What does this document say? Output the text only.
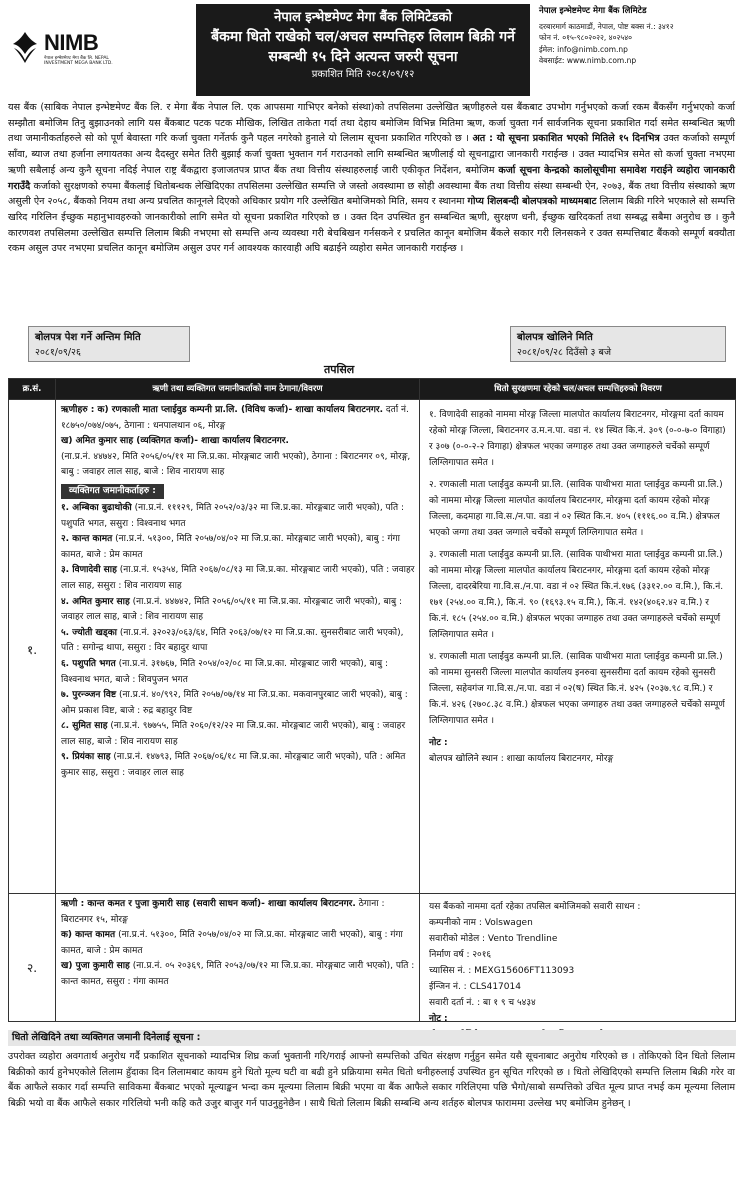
NIMB
नेपाल इन्भेष्टमेण्ट मेगा बैंक लि. NEPAL INVESTMENT MEGA BANK LTD.
नेपाल इन्भेष्टमेण्ट मेगा बैंक लिमिटेडको
बैंकमा धितो राखेको चल/अचल सम्पत्तिहरु लिलाम बिक्री गर्ने
सम्बन्धी १५ दिने अत्यन्त जरुरी सूचना
प्रकाशित मिति २०८१/०९/१२
नेपाल इन्भेष्टमेण्ट मेगा बैंक लिमिटेड
दरबारमार्ग काठमाडौं, नेपाल, पोष्ट बक्स नं.: ३४१२
फोन नं. ०१५-९८०२०२२, ४०२५४०
ईमेल: info@nimb.com.np
वेबसाईट: www.nimb.com.np
यस बैंक (साबिक नेपाल इन्भेष्टमेण्ट बैंक लि. र मेगा बैंक नेपाल लि. एक आपसमा गाभिएर बनेको संस्था)को तपसिलमा उल्लेखित ऋणीहरुले यस बैंकबाट उपभोग गर्नुभएको कर्जा रकम बैंकसँग गर्नुभएको कर्जा सम्झौता बमोजिम तिनु बुझाउनको लागि यस बैंकबाट पटक पटक मौखिक, लिखित ताकेता गर्दा तथा देहाय बमोजिम विभिन्न मितिमा ऋण, कर्जा चुक्ता गर्न सार्वजनिक सूचना प्रकाशित गर्दा समेत सम्बन्धित ऋणी तथा जमानीकर्ताहरुले सो को पूर्ण बेवास्ता गरि कर्जा चुक्ता गर्नेतर्फ कुनै पहल नगरेको हुनाले यो लिलाम सूचना प्रकाशित गरिएको छ । अत : यो सूचना प्रकाशित भएको मितिले १५ दिनभित्र उक्त कर्जाको सम्पूर्ण साँवा, ब्याज तथा हर्जाना लगायतका अन्य दैदस्तुर समेत तिरी बुझाई कर्जा चुक्ता भुक्तान गर्न गराउनको लागि सम्बन्धित ऋणीलाई यो सूचनाद्वारा जानकारी गराईन्छ । उक्त म्यादभित्र समेत सो कर्जा चुक्ता नभएमा ऋणी सबैलाई अन्य कुनै सूचना नदिई नेपाल राष्ट्र बैंकद्वारा इजाजतपत्र प्राप्त बैंक तथा वित्तीय संस्थाहरुलाई जारी एकीकृत निर्देशन, बमोजिम कर्जा सूचना केन्द्रको कालोसूचीमा समावेश गराईने व्यहोरा जानकारी गराउँदै कर्जाको सुरक्षणको रुपमा बैंकलाई धितोबन्धक लेखिदिएका तपसिलमा उल्लेखित सम्पत्ति जे जस्तो अवस्थामा छ सोही अवस्थामा बैंक तथा वित्तीय संस्था सम्बन्धी ऐन, २०७३, बैंक तथा वित्तीय संस्थाको ऋण असुली ऐन २०५८, बैंकको नियम तथा अन्य प्रचलित कानूनले दिएको अधिकार प्रयोग गरि उल्लेखित बमोजिमको मिति, समय र स्थानमा गोप्य शिलबन्दी बोलपत्रको माध्यमबाट लिलाम बिक्री गरिने भएकाले सो सम्पत्ति खरिद गरिलिन ईच्छुक महानुभावहरुको जानकारीको लागि समेत यो सूचना प्रकाशित गरिएको छ । उक्त दिन उपस्थित हुन सम्बन्धित ऋणी, सुरक्षण धनी, ईच्छुक खरिदकर्ता तथा सम्बद्ध सबैमा अनुरोध छ । कुनै कारणवश तपसिलमा उल्लेखित सम्पत्ति लिलाम बिक्री नभएमा सो सम्पत्ति अन्य व्यवस्था गरी बेचबिखन गर्नसकने र प्रचलित कानून बमोजिम बैंकले सकार गरी लिनसकने र उक्त सम्पत्तिबाट बैंकको सम्पूर्ण बक्यौता रकम असुल उपर नभएमा प्रचलित कानून बमोजिम असुल उपर गर्न आवश्यक कारवाही अघि बढाईने व्यहोरा समेत जानकारी गराईन्छ ।
बोलपत्र पेश गर्ने अन्तिम मिति
२०८१/०९/२६
बोलपत्र खोलिने मिति
२०८१/०९/२८ दिउँसो ३ बजे
तपसिल
क्र.सं.	ऋणी तथा व्यक्तिगत जमानीकर्ताको नाम ठेगाना/विवरण	धितो सुरक्षणमा रहेको चल/अचल सम्पत्तिहरुको विवरण
१.
ऋणीहरु : क) रणकाली माता प्लाईवुड कम्पनी प्रा.लि. (विविध कर्जा)- शाखा कार्यालय बिराटनगर. दर्ता नं. १८७५०/०७४/०७५, ठेगाना : धनपालथान ०६, मोरङ्ग
ख) अमित कुमार साह (व्यक्तिगत कर्जा)- शाखा कार्यालय बिराटनगर.
(ना.प्र.नं. ४४७४२, मिति २०५६/०५/११ मा जि.प्र.का. मोरङ्गबाट जारी भएको), ठेगाना : बिराटनगर ०९, मोरङ्ग, बाबु : जवाहर लाल साह, बाजे : शिव नारायण साह
व्यक्तिगत जमानीकर्ताहरु :
१. अम्बिका बुढाथोकी (ना.प्र.नं. १११२९, मिति २०५२/०३/३२ मा जि.प्र.का. मोरङ्गबाट जारी भएको), पति : पशुपति भगत, ससुरा : विश्वनाथ भगत
२. कान्त कामत (ना.प्र.नं. ५१३००, मिति २०५७/०४/०२ मा जि.प्र.का. मोरङ्गबाट जारी भएको), बाबु : गंगा कामत, बाजे : प्रेम कामत
३. विणादेवी साह (ना.प्र.नं. १५३५४, मिति २०६७/०८/१३ मा जि.प्र.का. मोरङ्गबाट जारी भएको), पति : जवाहर लाल साह, ससुरा : शिव नारायण साह
४. अमित कुमार साह (ना.प्र.नं. ४४७४२, मिति २०५६/०५/११ मा जि.प्र.का. मोरङ्गबाट जारी भएको), बाबु : जवाहर लाल साह, बाजे : शिव नारायण साह
५. ज्योती खड्का (ना.प्र.नं. ३२०२३/०६३/६४, मिति २०६३/०७/१२ मा जि.प्र.का. सुनसरीबाट जारी भएको), पति : सगोन्द्र थापा, ससुरा : विर बहादुर थापा
६. पशुपति भगत (ना.प्र.नं. ३१७६७, मिति २०५४/०२/०८ मा जि.प्र.का. मोरङ्गबाट जारी भएको), बाबु : विश्वनाथ भगत, बाजे : शिवपुजन भगत
७. पुरन्ञ्जन विष्ट (ना.प्र.नं. ४०/९९२, मिति २०५७/०७/१४ मा जि.प्र.का. मकवानपुरबाट जारी भएको), बाबु : ओम प्रकाश विष्ट, बाजे : रुद्र बहादुर विष्ट
८. सुमित साह (ना.प्र.नं. ९७७५५, मिति २०६०/१२/२२ मा जि.प्र.का. मोरङ्गबाट जारी भएको), बाबु : जवाहर लाल साह, बाजे : शिव नारायण साह
९. प्रियंका साह (ना.प्र.नं. १४७९३, मिति २०६७/०६/१८ मा जि.प्र.का. मोरङ्गबाट जारी भएको), पति : अमित कुमार साह, ससुरा : जवाहर लाल साह
१. विणादेवी साहको नाममा मोरङ्ग जिल्ला मालपोत कार्यालय बिराटनगर, मोरङ्गमा दर्ता कायम रहेको मोरङ्ग जिल्ला, बिराटनगर उ.म.न.पा. वडा नं. १४ स्थित कि.नं. ३०९ (०-०-७-० विगाहा) र ३०७ (०-०-२-२ विगाहा) क्षेत्रफल भएका जग्गाहरु तथा उक्त जग्गाहरुले चर्चेको सम्पूर्ण लिग्लिगापात समेत ।
२. रणकाली माता प्लाईवुड कम्पनी प्रा.लि. (साविक पाथीभरा माता प्लाईवुड कम्पनी प्रा.लि.) को नाममा मोरङ्ग जिल्ला मालपोत कार्यालय बिराटनगर, मोरङ्गमा दर्ता कायम रहेको मोरङ्ग जिल्ला, कदमाहा गा.वि.स./न.पा. वडा नं ०२ स्थित कि.न. ४०५ (१११६.०० व.मि.) क्षेत्रफल भएको जग्गा तथा उक्त जग्गाले चर्चेको सम्पूर्ण लिग्लिगापात समेत ।
३. रणकाली माता प्लाईवुड कम्पनी प्रा.लि. (साविक पाथीभरा माता प्लाईवुड कम्पनी प्रा.लि.) को नाममा मोरङ्ग जिल्ला मालपोत कार्यालय बिराटनगर, मोरङ्गमा दर्ता कायम रहेको मोरङ्ग जिल्ला, दादरबेरिया गा.वि.स./न.पा. वडा नं ०२ स्थित कि.नं.१७६ (३३१२.०० व.मि.), कि.नं. १७१ (२५४.०० व.मि.), कि.नं. ९० (१६९३.१५ व.मि.), कि.नं. १४२(४०६२.४२ व.मि.) र कि.नं. १८५ (२५४.०० व.मि.) क्षेत्रफल भएका जग्गाहरु तथा उक्त जग्गाहरुले चर्चेको सम्पूर्ण लिग्लिगापात समेत ।
४. रणकाली माता प्लाईवुड कम्पनी प्रा.लि. (साविक पाथीभरा माता प्लाईवुड कम्पनी प्रा.लि.) को नाममा सुनसरी जिल्ला मालपोत कार्यालय इनरुवा सुनसरीमा दर्ता कायम रहेको सुनसरी जिल्ला, सहेवगंज गा.वि.स./न.पा. वडा नं ०२(ष) स्थित कि.नं. ४२५ (२०३७.९८ व.मि.) र कि.नं. ४२६ (२७०८.३८ व.मि.) क्षेत्रफल भएका जग्गाहरु तथा उक्त जग्गाहरुले चर्चेको सम्पूर्ण लिग्लिगापात समेत ।
नोट :
बोलपत्र खोलिने स्थान : शाखा कार्यालय बिराटनगर, मोरङ्ग
२.
ऋणी : कान्त कमत र पुजा कुमारी साह (सवारी साधन कर्जा)- शाखा कार्यालय बिराटनगर. ठेगाना : बिराटनगर १५, मोरङ्ग
क) कान्त कामत (ना.प्र.नं. ५१३००, मिति २०५७/०४/०२ मा जि.प्र.का. मोरङ्गबाट जारी भएको), बाबु : गंगा कामत, बाजे : प्रेम कामत
ख) पुजा कुमारी साह (ना.प्र.नं. ०५ २०३६९, मिति २०५३/०७/१२ मा जि.प्र.का. मोरङ्गबाट जारी भएको), पति : कान्त कामत, ससुरा : गंगा कामत
यस बैंकको नाममा दर्ता रहेका तपसिल बमोजिमको सवारी साधन :
कम्पनीको नाम : Volswagen
सवारीको मोडेल : Vento Trendline
निर्माण वर्ष : २०१६
च्यासिस नं. : MEXG15606FT113093
ईन्जिन नं. : CLS417014
सवारी दर्ता नं. : बा १ ९ च ५४३४
नोट :

धितो लेखिदिने तथा व्यक्तिगत जमानी दिनेलाई सूचना :
उपरोक्त व्यहोरा अवगतार्थ अनुरोध गर्दै प्रकाशित सूचनाको म्यादभित्र शिघ्र कर्जा भुक्तानी गरि/गराई आफ्नो सम्पत्तिको उचित संरक्षण गर्नुहुन समेत यसै सूचनाबाट अनुरोध गरिएको छ । तोकिएको दिन धितो लिलाम बिक्रीको कार्य हुनेभएकोले लिलाम हुँदाका दिन लिलामबाट कायम हुने धितो मूल्य घटी वा बढी हुने प्रक्रियामा समेत धितो धनीहरुलाई उपस्थित हुन सूचित गरिएको छ । धितो लेखिदिएको सम्पत्ति लिलाम बिक्री गरेर वा बैंक आफैले सकार गर्दा सम्पत्ति साविकमा बैंकबाट भएको मूल्याङ्कन भन्दा कम मूल्यमा लिलाम बिक्री भएमा वा बैंक आफैले सकार गरिलिएमा पछि भैगो/साबो सम्पत्तिको उचित मूल्य प्राप्त नभई कम मूल्यमा लिलाम बिक्री भयो वा बैंक आफैले सकार गरिलियो भनी कहि कतै उजुर बाजुर गर्न पाउनुहुनेछैन । साथै धितो लिलाम बिक्री सम्बन्धि अन्य शर्तहरु बोलपत्र फाराममा उल्लेख भए बमोजिम हुनेछन् ।
